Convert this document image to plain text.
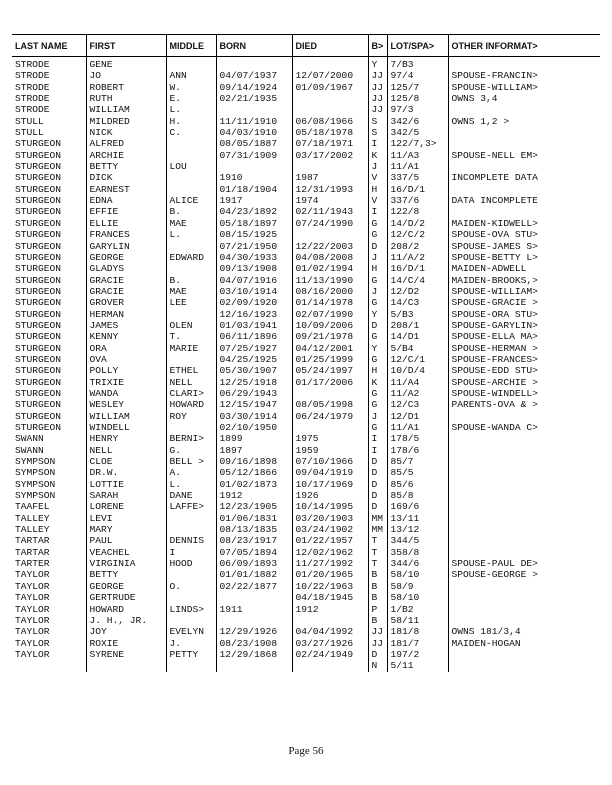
LAST NAME	FIRST	MIDDLE	BORN	DIED	B>	LOT/SPA>	OTHER INFORMAT>
STRODE	GENE				Y	7/B3	
STRODE	JO	ANN	04/07/1937	12/07/2000	JJ	97/4	SPOUSE-FRANCIN>
STRODE	ROBERT	W.	09/14/1924	01/09/1967	JJ	125/7	SPOUSE-WILLIAM>
STRODE	RUTH	E.	02/21/1935		JJ	125/8	OWNS 3,4
STRODE	WILLIAM	L.			JJ	97/3	
STULL	MILDRED	H.	11/11/1910	06/08/1966	S	342/6	OWNS 1,2 >
STULL	NICK	C.	04/03/1910	05/18/1978	S	342/5	
STURGEON	ALFRED		08/05/1887	07/18/1971	I	122/7,3>	
STURGEON	ARCHIE		07/31/1909	03/17/2002	K	11/A3	SPOUSE-NELL EM>
STURGEON	BETTY	LOU			J	11/A1	
STURGEON	DICK		1910	1987	V	337/5	INCOMPLETE DATA
STURGEON	EARNEST		01/18/1904	12/31/1993	H	16/D/1	
STURGEON	EDNA	ALICE	1917	1974	V	337/6	DATA INCOMPLETE
STURGEON	EFFIE	B.	04/23/1892	02/11/1943	I	122/8	
STURGEON	ELLIE	MAE	05/18/1897	07/24/1990	G	14/D/2	MAIDEN-KIDWELL>
STURGEON	FRANCES	L.	08/15/1925		G	12/C/2	SPOUSE-OVA STU>
STURGEON	GARYLIN		07/21/1950	12/22/2003	D	208/2	SPOUSE-JAMES S>
STURGEON	GEORGE	EDWARD	04/30/1933	04/08/2008	J	11/A/2	SPOUSE-BETTY L>
STURGEON	GLADYS		09/13/1908	01/02/1994	H	16/D/1	MAIDEN-ADWELL
STURGEON	GRACIE	B.	04/07/1916	11/13/1990	G	14/C/4	MAIDEN-BROOKS,>
STURGEON	GRACIE	MAE	03/10/1914	08/16/2000	J	12/D2	SPOUSE-WILLIAM>
STURGEON	GROVER	LEE	02/09/1920	01/14/1978	G	14/C3	SPOUSE-GRACIE >
STURGEON	HERMAN		12/16/1923	02/07/1990	Y	5/B3	SPOUSE-ORA STU>
STURGEON	JAMES	OLEN	01/03/1941	10/09/2006	D	208/1	SPOUSE-GARYLIN>
STURGEON	KENNY	T.	06/11/1896	09/21/1978	G	14/D1	SPOUSE-ELLA MA>
STURGEON	ORA	MARIE	07/25/1927	04/12/2001	Y	5/B4	SPOUSE-HERMAN >
STURGEON	OVA		04/25/1925	01/25/1999	G	12/C/1	SPOUSE-FRANCES>
STURGEON	POLLY	ETHEL	05/30/1907	05/24/1997	H	10/D/4	SPOUSE-EDD STU>
STURGEON	TRIXIE	NELL	12/25/1918	01/17/2006	K	11/A4	SPOUSE-ARCHIE >
STURGEON	WANDA	CLARI>	06/29/1943		G	11/A2	SPOUSE-WINDELL>
STURGEON	WESLEY	HOWARD	12/15/1947	08/05/1998	G	12/C3	PARENTS-OVA & >
STURGEON	WILLIAM	ROY	03/30/1914	06/24/1979	J	12/D1	
STURGEON	WINDELL		02/10/1950		G	11/A1	SPOUSE-WANDA C>
SWANN	HENRY	BERNI>	1899	1975	I	178/5	
SWANN	NELL	G.	1897	1959	I	178/6	
SYMPSON	CLOE	BELL >	09/16/1898	07/10/1966	D	85/7	
SYMPSON	DR.W.	A.	05/12/1866	09/04/1919	D	85/5	
SYMPSON	LOTTIE	L.	01/02/1873	10/17/1969	D	85/6	
SYMPSON	SARAH	DANE	1912	1926	D	85/8	
TAAFEL	LORENE	LAFFE>	12/23/1905	10/14/1995	D	169/6	
TALLEY	LEVI		01/06/1831	03/20/1903	MM	13/11	
TALLEY	MARY		08/13/1835	03/24/1902	MM	13/12	
TARTAR	PAUL	DENNIS	08/23/1917	01/22/1957	T	344/5	
TARTAR	VEACHEL	I	07/05/1894	12/02/1962	T	358/8	
TARTER	VIRGINIA	HOOD	06/09/1893	11/27/1992	T	344/6	SPOUSE-PAUL DE>
TAYLOR	BETTY		01/01/1882	01/20/1965	B	58/10	SPOUSE-GEORGE >
TAYLOR	GEORGE	O.	02/22/1877	10/22/1963	B	58/9	
TAYLOR	GERTRUDE			04/18/1945	B	58/10	
TAYLOR	HOWARD	LINDS>	1911	1912	P	1/B2	
TAYLOR	J. H., JR.				B	58/11	
TAYLOR	JOY	EVELYN	12/29/1926	04/04/1992	JJ	181/8	OWNS 181/3,4
TAYLOR	ROXIE	J.	08/23/1908	03/27/1926	JJ	181/7	MAIDEN-HOGAN
TAYLOR	SYRENE	PETTY	12/29/1868	02/24/1949	D	197/2	
					N	5/11	
Page 56
